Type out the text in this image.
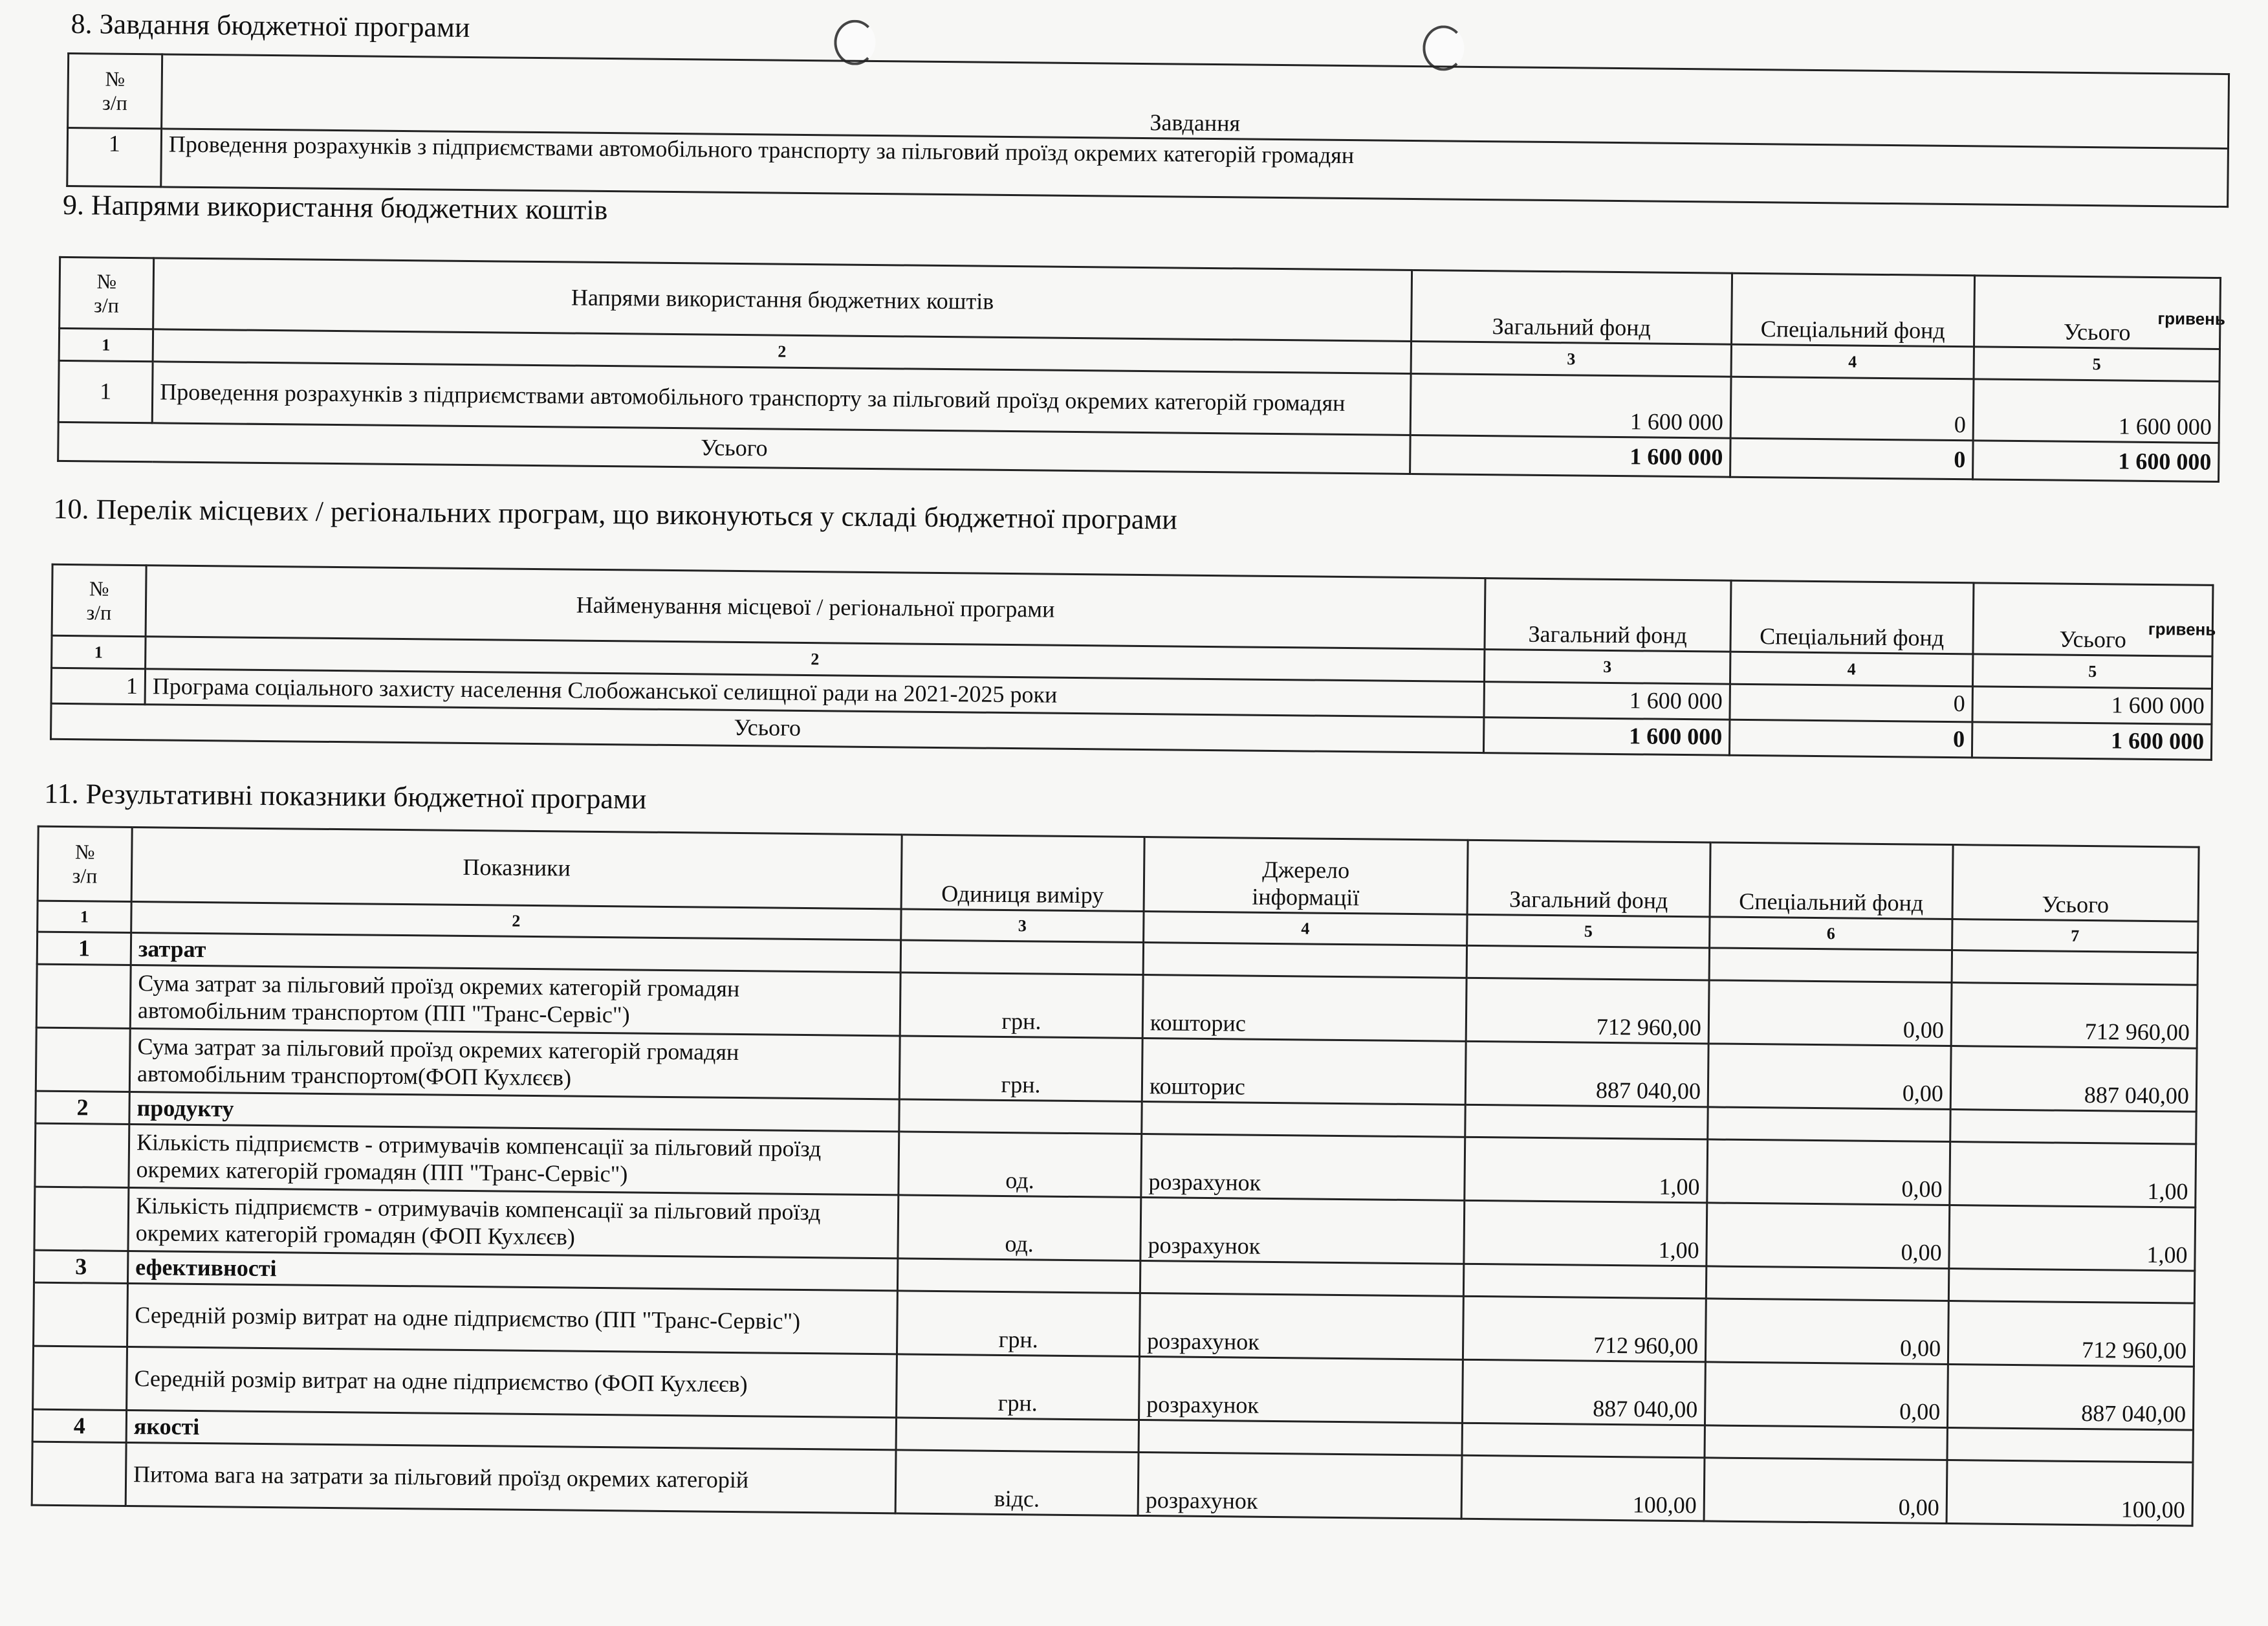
8. Завдання бюджетної програми
№
з/п	Завдання
1	Проведення розрахунків з підприємствами автомобільного транспорту за пільговий проїзд окремих категорій громадян
9. Напрями використання бюджетних коштів
гривень
№
з/п	Напрями використання бюджетних коштів	Загальний фонд	Спеціальний фонд	Усього
1	2	3	4	5
1	Проведення розрахунків з підприємствами автомобільного транспорту за пільговий проїзд окремих категорій громадян	1 600 000	0	1 600 000
Усього		1 600 000	0	1 600 000
10. Перелік місцевих / регіональних програм, що виконуються у складі бюджетної програми
№
з/п	Найменування місцевої / регіональної програми	Загальний фонд	Спеціальний фонд	Усього
1	2	3	4	5
1	Програма соціального захисту населення Слобожанської селищної ради на 2021-2025 роки	1 600 000	0	1 600 000
Усього		1 600 000	0	1 600 000
гривень
11. Результативні показники бюджетної програми
№
з/п	Показники	Одиниця виміру	Джерело
інформації	Загальний фонд	Спеціальний фонд	Усього
1	2	3	4	5	6	7
1	затрат					
	Сума затрат за пільговий проїзд окремих категорій громадян автомобільним транспортом (ПП "Транс-Сервіс")	грн.	кошторис	712 960,00	0,00	712 960,00
	Сума затрат за пільговий проїзд окремих категорій громадян автомобільним транспортом(ФОП Кухлєєв)	грн.	кошторис	887 040,00	0,00	887 040,00
2	продукту					
	Кількість підприємств - отримувачів компенсації за пільговий проїзд окремих категорій громадян (ПП "Транс-Сервіс")	од.	розрахунок	1,00	0,00	1,00
	Кількість підприємств - отримувачів компенсації за пільговий проїзд окремих категорій громадян (ФОП Кухлєєв)	од.	розрахунок	1,00	0,00	1,00
3	ефективності					
	Середній розмір витрат на одне підприємство (ПП "Транс-Сервіс")	грн.	розрахунок	712 960,00	0,00	712 960,00
	Середній розмір витрат на одне підприємство (ФОП Кухлєєв)	грн.	розрахунок	887 040,00	0,00	887 040,00
4	якості					
	Питома вага на затрати за пільговий проїзд окремих категорій	відс.	розрахунок	100,00	0,00	100,00
